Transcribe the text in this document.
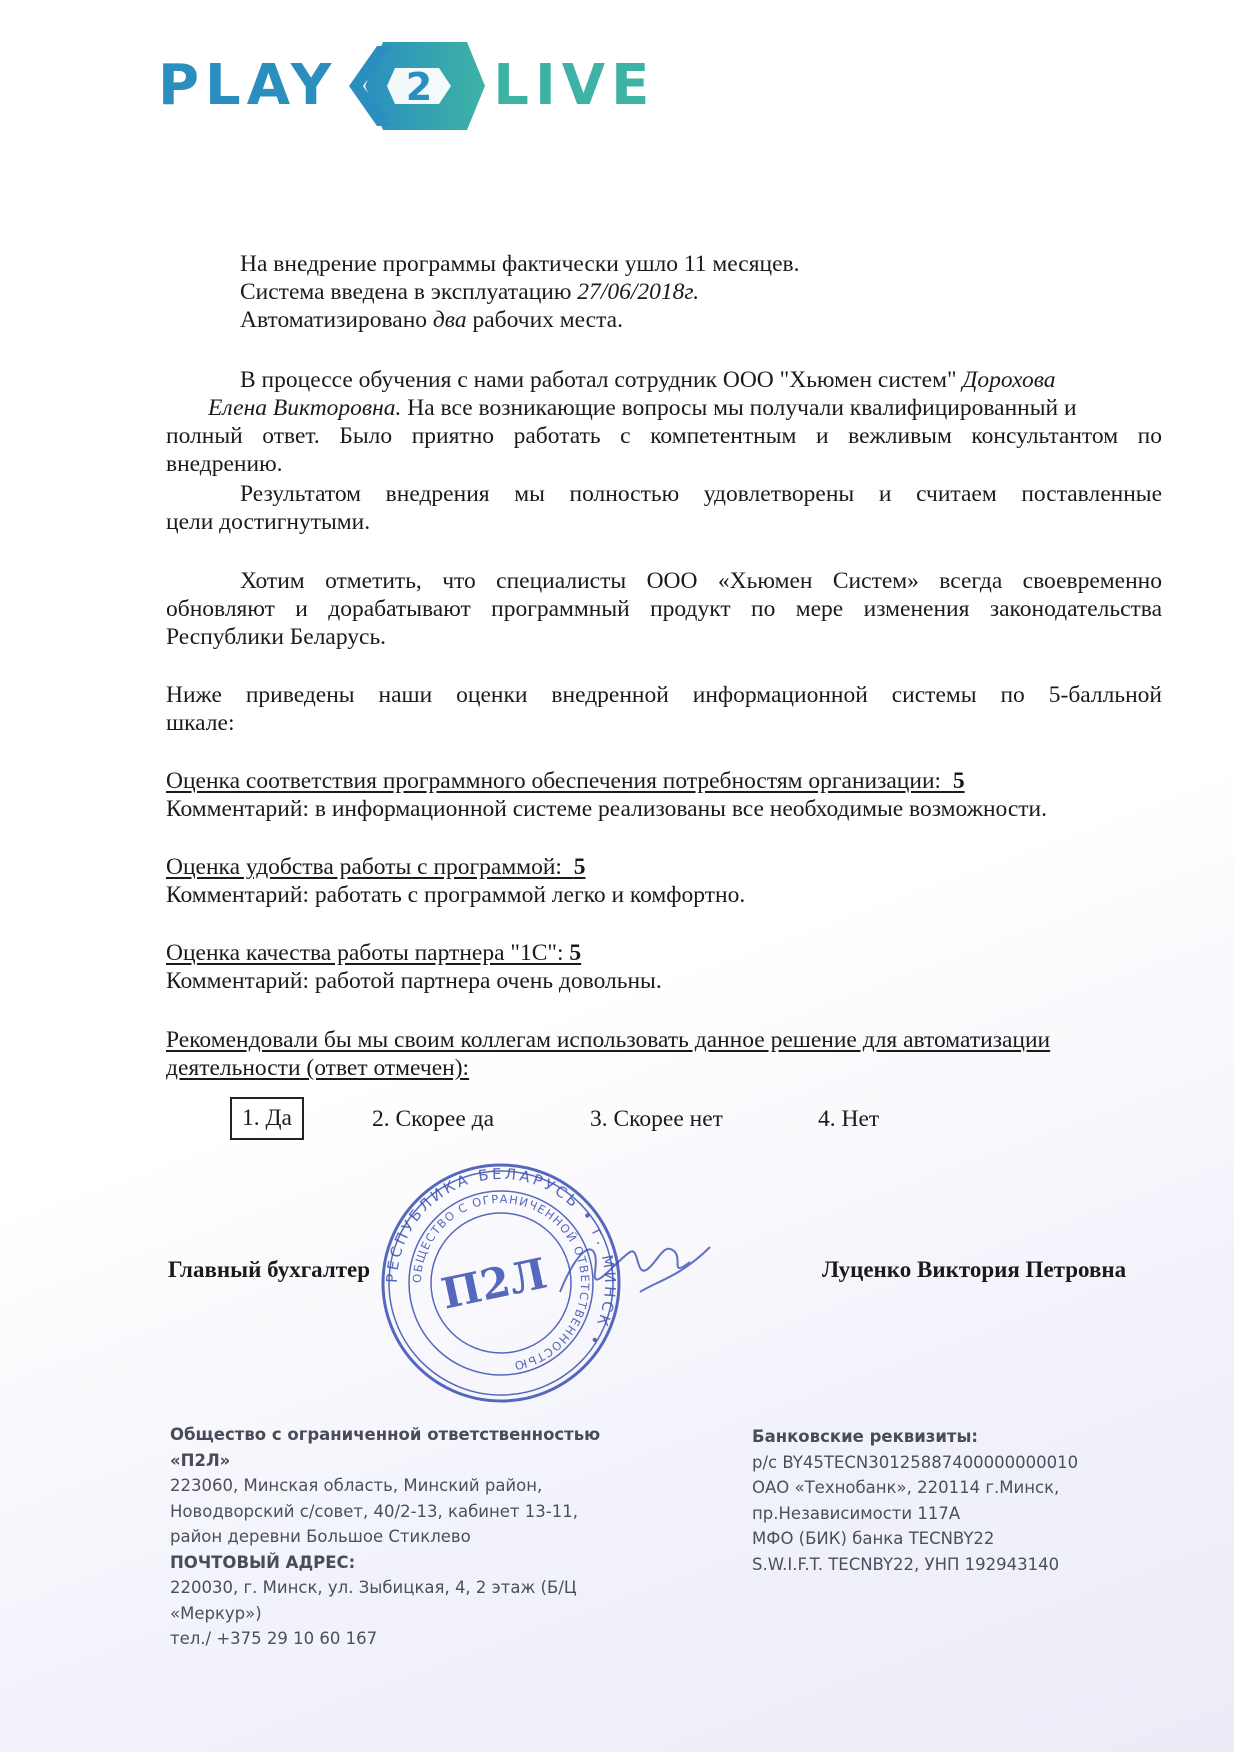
PLAY 2 LIVE
На внедрение программы фактически ушло 11 месяцев.
Система введена в эксплуатацию 27/06/2018г.
Автоматизировано два рабочих места.
В процессе обучения с нами работал сотрудник ООО "Хьюмен систем" Дорохова
Елена Викторовна. На все возникающие вопросы мы получали квалифицированный и
полный ответ. Было приятно работать с компетентным и вежливым консультантом по
внедрению.
Результатом внедрения мы полностью удовлетворены и считаем поставленные
цели достигнутыми.
Хотим отметить, что специалисты ООО «Хьюмен Систем» всегда своевременно
обновляют и дорабатывают программный продукт по мере изменения законодательства
Республики Беларусь.
Ниже приведены наши оценки внедренной информационной системы по 5-балльной
шкале:
Оценка соответствия программного обеспечения потребностям организации: 5
Комментарий: в информационной системе реализованы все необходимые возможности.
Оценка удобства работы с программой: 5
Комментарий: работать с программой легко и комфортно.
Оценка качества работы партнера "1С": 5
Комментарий: работой партнера очень довольны.
Рекомендовали бы мы своим коллегам использовать данное решение для автоматизации
деятельности (ответ отмечен):
1. Да	2. Скорее да	3. Скорее нет	4. Нет
Главный бухгалтер	Луценко Виктория Петровна
РЕСПУБЛИКА БЕЛАРУСЬ • г. МИНСК •
ОБЩЕСТВО С ОГРАНИЧЕННОЙ ОТВЕТСТВЕННОСТЬЮ
П2Л
Общество с ограниченной ответственностью
«П2Л»
223060, Минская область, Минский район,
Новодворский с/совет, 40/2-13, кабинет 13-11,
район деревни Большое Стиклево
ПОЧТОВЫЙ АДРЕС:
220030, г. Минск, ул. Зыбицкая, 4, 2 этаж (Б/Ц
«Меркур»)
тел./ +375 29 10 60 167
Банковские реквизиты:
р/с BY45TECN30125887400000000010
ОАО «Технобанк», 220114 г.Минск,
пр.Независимости 117А
МФО (БИК) банка TECNBY22
S.W.I.F.T. TECNBY22, УНП 192943140
